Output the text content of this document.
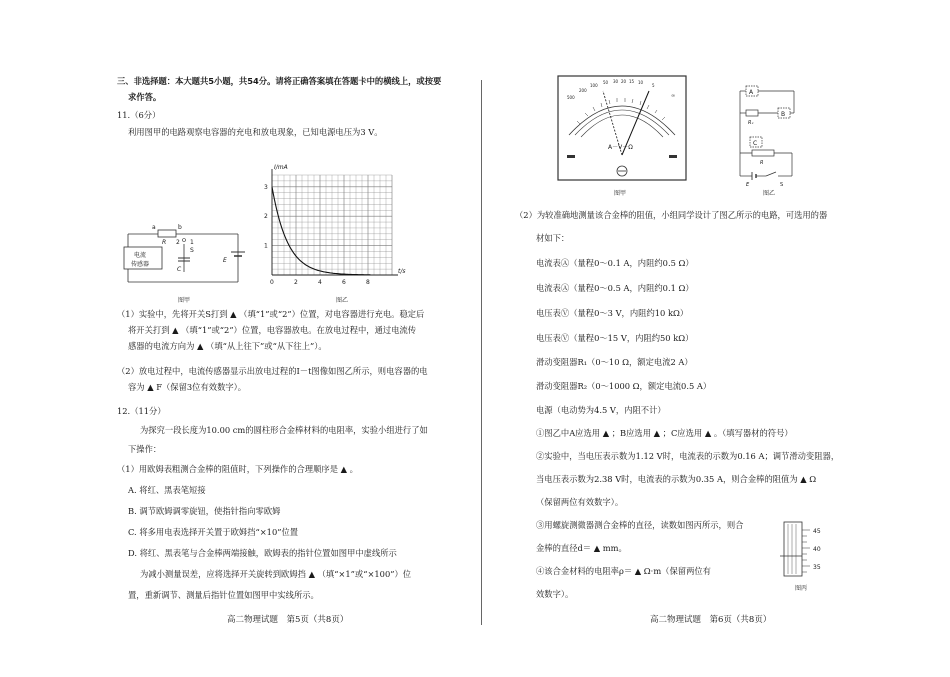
三、非选择题：本大题共5小题，共54分。请将正确答案填在答题卡中的横线上，或按要
求作答。
11.（6分）
利用图甲的电路观察电容器的充电和放电现象，已知电源电压为3 V。
a	b
R 2 1
S
C
E
电流
传感器
图甲
1
2
3
0	2	4	6	8
I/mA
t/s
图乙
（1）实验中，先将开关S打到 ▲ （填“1”或“2”）位置，对电容器进行充电。稳定后
将开关打到 ▲ （填“1”或“2”）位置，电容器放电。在放电过程中，通过电流传
感器的电流方向为 ▲ （填“从上往下”或“从下往上”）。
（2）放电过程中，电流传感器显示出放电过程的I－t图像如图乙所示，则电容器的电
容为 ▲ F（保留3位有效数字）。
12.（11分）
为探究一段长度为10.00 cm的圆柱形合金棒材料的电阻率，实验小组进行了如
下操作：
（1）用欧姆表粗测合金棒的阻值时，下列操作的合理顺序是 ▲ 。
A. 将红、黑表笔短接
B. 调节欧姆调零旋钮，使指针指向零欧姆
C. 将多用电表选择开关置于欧姆挡“×10”位置
D. 将红、黑表笔与合金棒两端接触，欧姆表的指针位置如图甲中虚线所示
为减小测量误差，应将选择开关旋转到欧姆挡 ▲ （填“×1”或“×100”）位
置，重新调节、测量后指针位置如图甲中实线所示。
高二物理试题　第5页（共8页）
A－V－Ω
500
200
100
50 30 20 15 10
5
∞
图甲
A
B
C
Rₓ
R
E	S
图乙
（2）为较准确地测量该合金棒的阻值，小组同学设计了图乙所示的电路，可选用的器
材如下：
电流表Ⓐ（量程0～0.1 A，内阻约0.5 Ω）
电流表Ⓐ（量程0～0.5 A，内阻约0.1 Ω）
电压表Ⓥ（量程0～3 V，内阻约10 kΩ）
电压表Ⓥ（量程0～15 V，内阻约50 kΩ）
滑动变阻器R₁（0～10 Ω，额定电流2 A）
滑动变阻器R₂（0～1000 Ω，额定电流0.5 A）
电源（电动势为4.5 V，内阻不计）
①图乙中A应选用 ▲ ；B应选用 ▲ ；C应选用 ▲ 。（填写器材的符号）
②实验中，当电压表示数为1.12 V时，电流表的示数为0.16 A；调节滑动变阻器，
当电压表示数为2.38 V时，电流表的示数为0.35 A，则合金棒的阻值为 ▲ Ω
（保留两位有效数字）。
③用螺旋测微器测合金棒的直径，读数如图丙所示，则合
金棒的直径d＝ ▲ mm。
④该合金材料的电阻率ρ＝ ▲ Ω·m（保留两位有
效数字）。
45
40
35
图丙
高二物理试题　第6页（共8页）
